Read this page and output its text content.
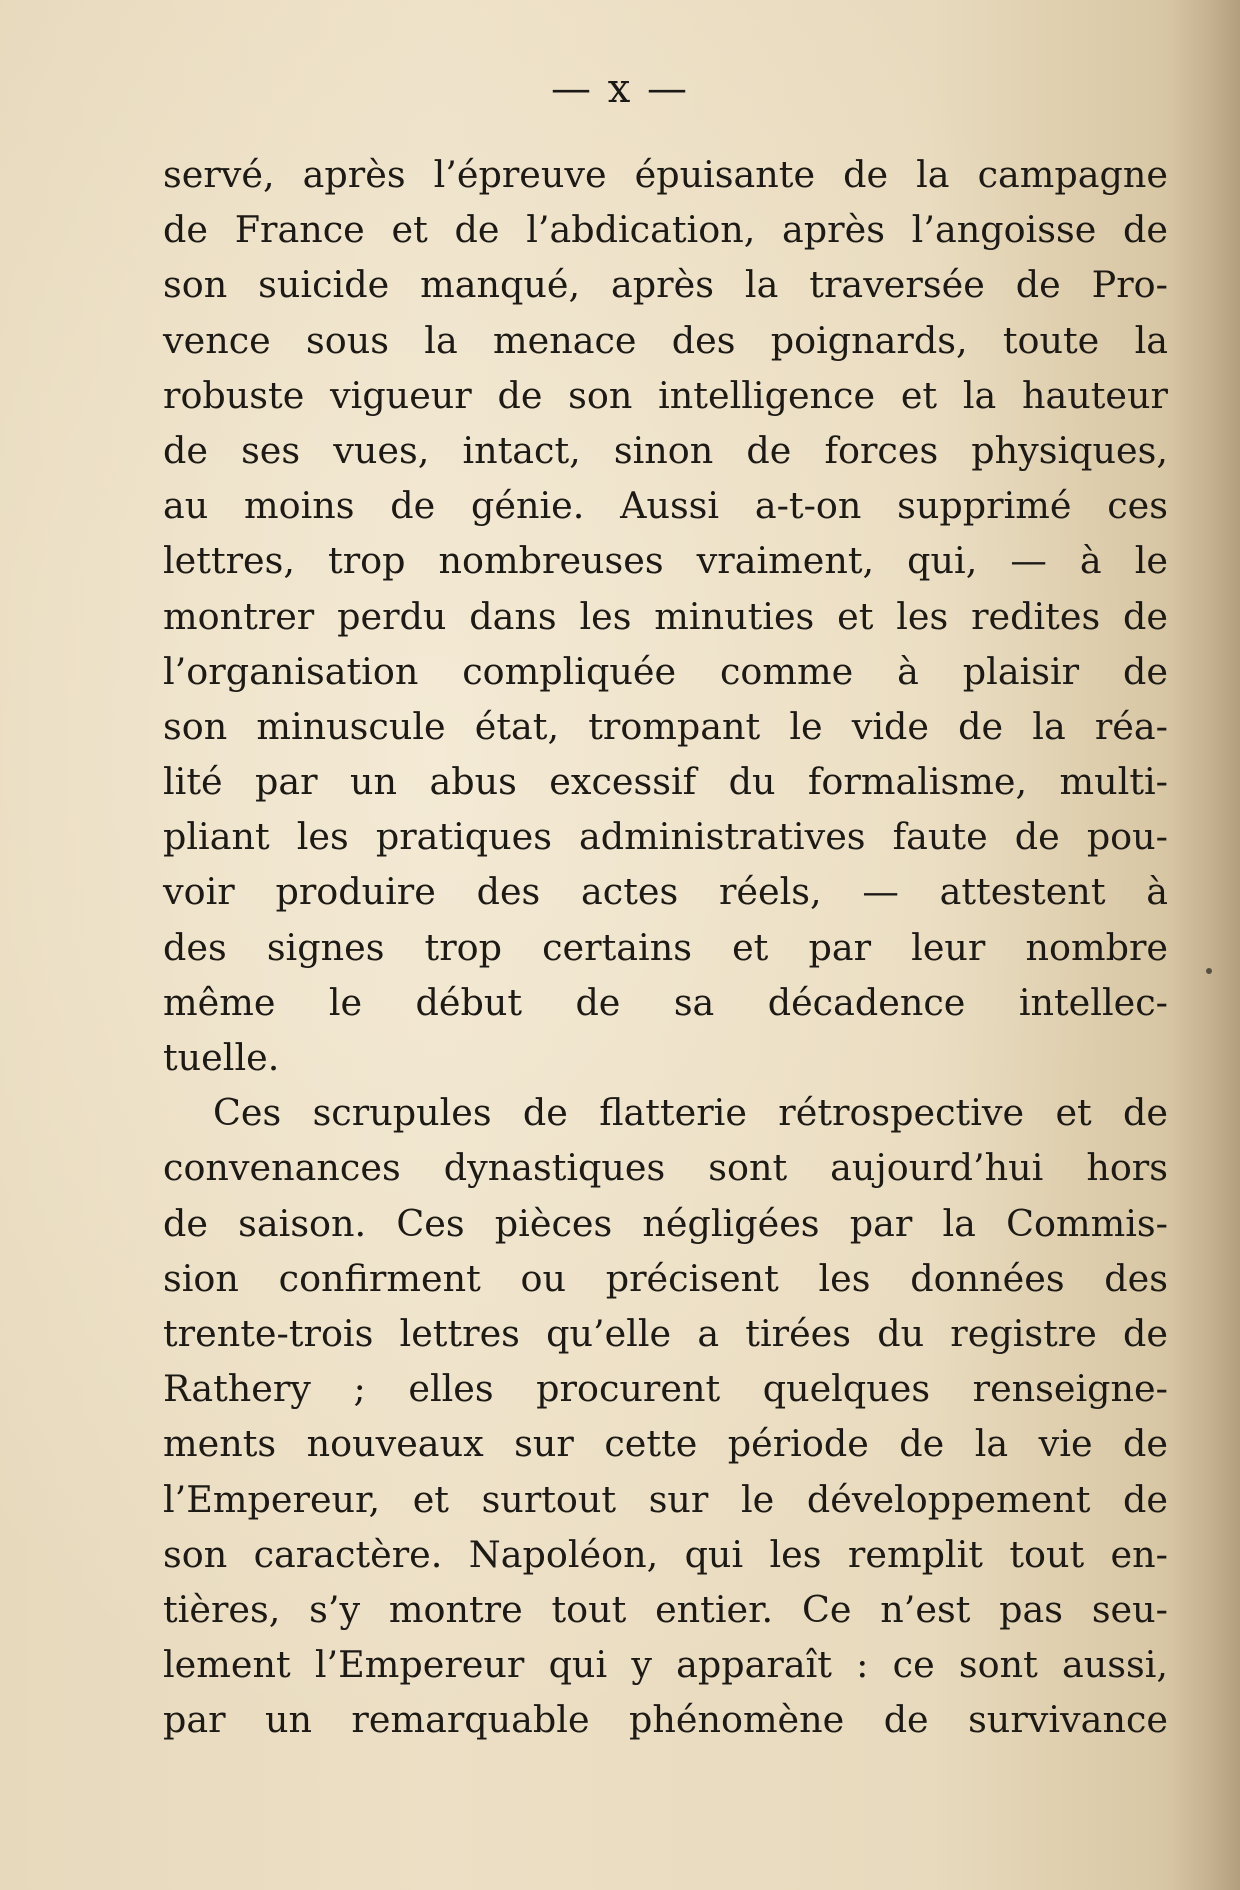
— x —
servé, après l’épreuve épuisante de la campagne
de France et de l’abdication, après l’angoisse de
son suicide manqué, après la traversée de Pro-
vence sous la menace des poignards, toute la
robuste vigueur de son intelligence et la hauteur
de ses vues, intact, sinon de forces physiques,
au moins de génie. Aussi a-t-on supprimé ces
lettres, trop nombreuses vraiment, qui, — à le
montrer perdu dans les minuties et les redites de
l’organisation compliquée comme à plaisir de
son minuscule état, trompant le vide de la réa-
lité par un abus excessif du formalisme, multi-
pliant les pratiques administratives faute de pou-
voir produire des actes réels, — attestent à
des signes trop certains et par leur nombre
même le début de sa décadence intellec-
tuelle.
Ces scrupules de flatterie rétrospective et de
convenances dynastiques sont aujourd’hui hors
de saison. Ces pièces négligées par la Commis-
sion confirment ou précisent les données des
trente-trois lettres qu’elle a tirées du registre de
Rathery ; elles procurent quelques renseigne-
ments nouveaux sur cette période de la vie de
l’Empereur, et surtout sur le développement de
son caractère. Napoléon, qui les remplit tout en-
tières, s’y montre tout entier. Ce n’est pas seu-
lement l’Empereur qui y apparaît : ce sont aussi,
par un remarquable phénomène de survivance
